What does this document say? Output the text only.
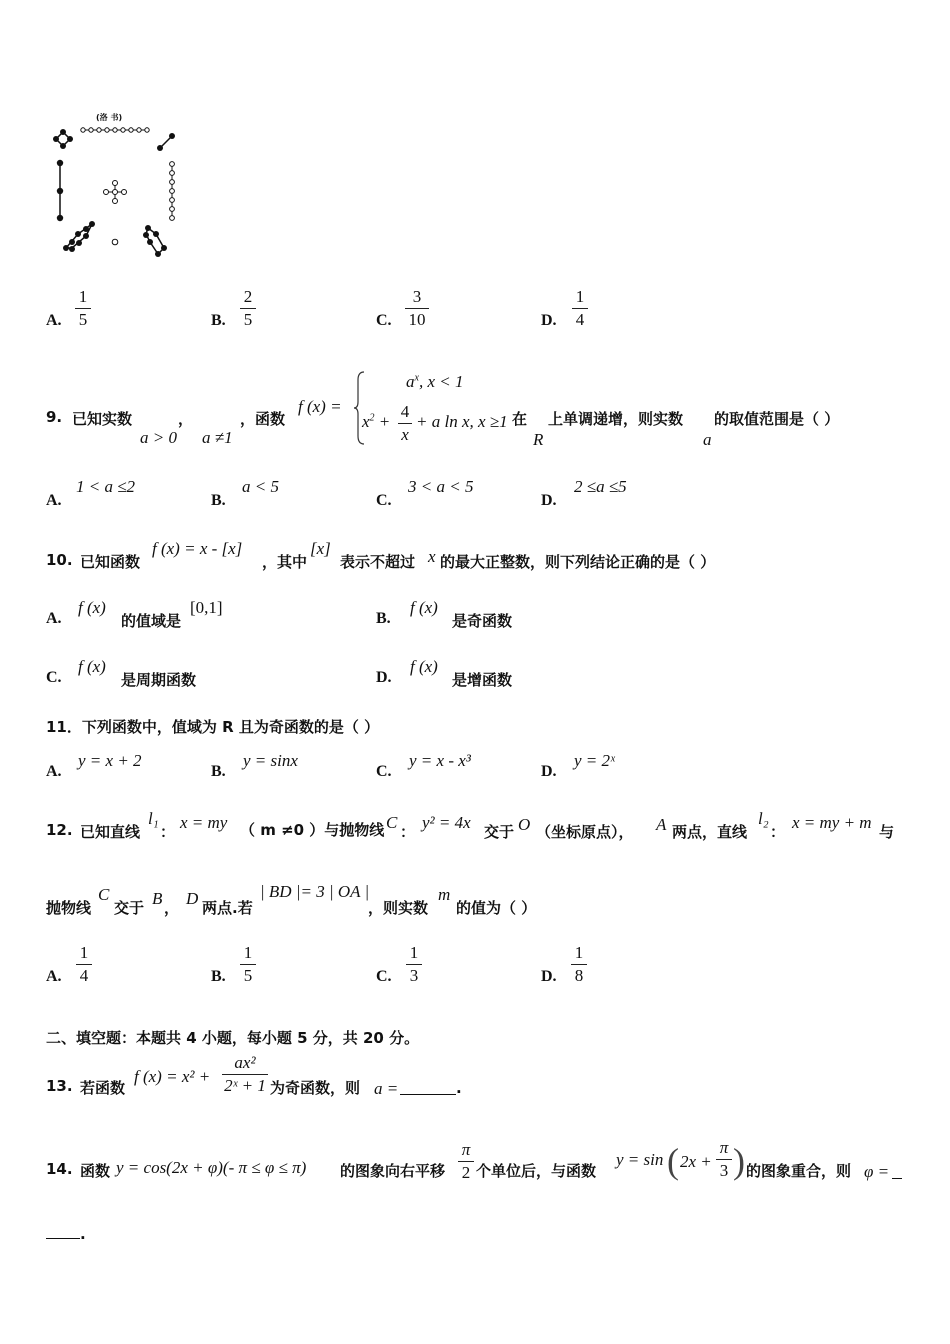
(洛 书)
A.
1
5	B.
2
5	C.
3
10	D.
1
4
9. 已知实数
a > 0
，
a ≠1
，函数
f (x) =
$a^x$, x < 1
$x^2$ +
4
x
+ a ln x, x ≥1 在
R
上单调递增，则实数
a
的取值范围是（ ）
A.
1 < a ≤2
B.
a < 5
C.
3 < a < 5
D.
2 ≤a ≤5
10. 已知函数
f (x) = x - [x]
，其中
[x]
表示不超过 x 的最大正整数，则下列结论正确的是（ ）
A.
f (x)
的值域是
[0,1]
B.
f (x)
是奇函数
C.
f (x)
是周期函数	D.
f (x)
是增函数
11．下列函数中，值域为 R 且为奇函数的是（ ）
A.
y = x + 2
B.
y = sinx
C.
y = x - x³
D.
y = 2ˣ
12. 已知直线
l₁
： x = my （ m ≠0 ）与抛物线 C ： y² = 4x 交于 O （坐标原点）， A 两点，直线
l₂
： x = my + m 与
抛物线
C
交于 B ， D 两点.若
| BD |= 3 | OA |
，则实数
m
的值为（ ）
A.
1
4	B.
1
5	C.
1
3	D.
1
8
二、填空题：本题共 4 小题，每小题 5 分，共 20 分。
13. 若函数
f (x) = x² +
ax²
2ˣ + 1 为奇函数，则 a =	.
14. 函数 y = cos(2x + φ)(- π ≤ φ ≤ π) 的图象向右平移
π
2 个单位后，与函数
y = sin ( 2x +
π
3 ) 的图象重合，则 φ =
.
